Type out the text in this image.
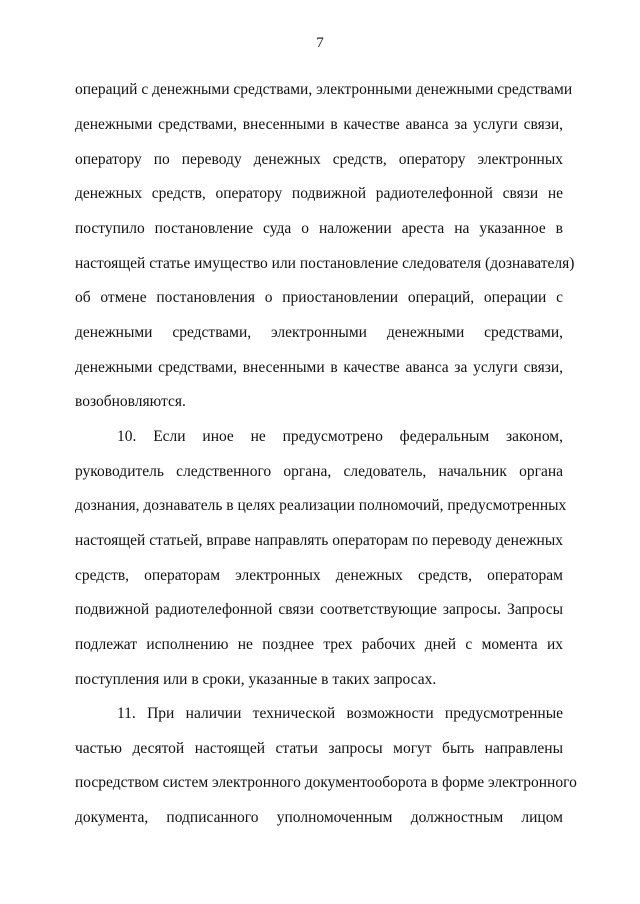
7
операций с денежными средствами, электронными денежными средствами
денежными средствами, внесенными в качестве аванса за услуги связи,
оператору по переводу денежных средств, оператору электронных
денежных средств, оператору подвижной радиотелефонной связи не
поступило постановление суда о наложении ареста на указанное в
настоящей статье имущество или постановление следователя (дознавателя)
об отмене постановления о приостановлении операций, операции с
денежными средствами, электронными денежными средствами,
денежными средствами, внесенными в качестве аванса за услуги связи,
возобновляются.
10. Если иное не предусмотрено федеральным законом,
руководитель следственного органа, следователь, начальник органа
дознания, дознаватель в целях реализации полномочий, предусмотренных
настоящей статьей, вправе направлять операторам по переводу денежных
средств, операторам электронных денежных средств, операторам
подвижной радиотелефонной связи соответствующие запросы. Запросы
подлежат исполнению не позднее трех рабочих дней с момента их
поступления или в сроки, указанные в таких запросах.
11. При наличии технической возможности предусмотренные
частью десятой настоящей статьи запросы могут быть направлены
посредством систем электронного документооборота в форме электронного
документа, подписанного уполномоченным должностным лицом
